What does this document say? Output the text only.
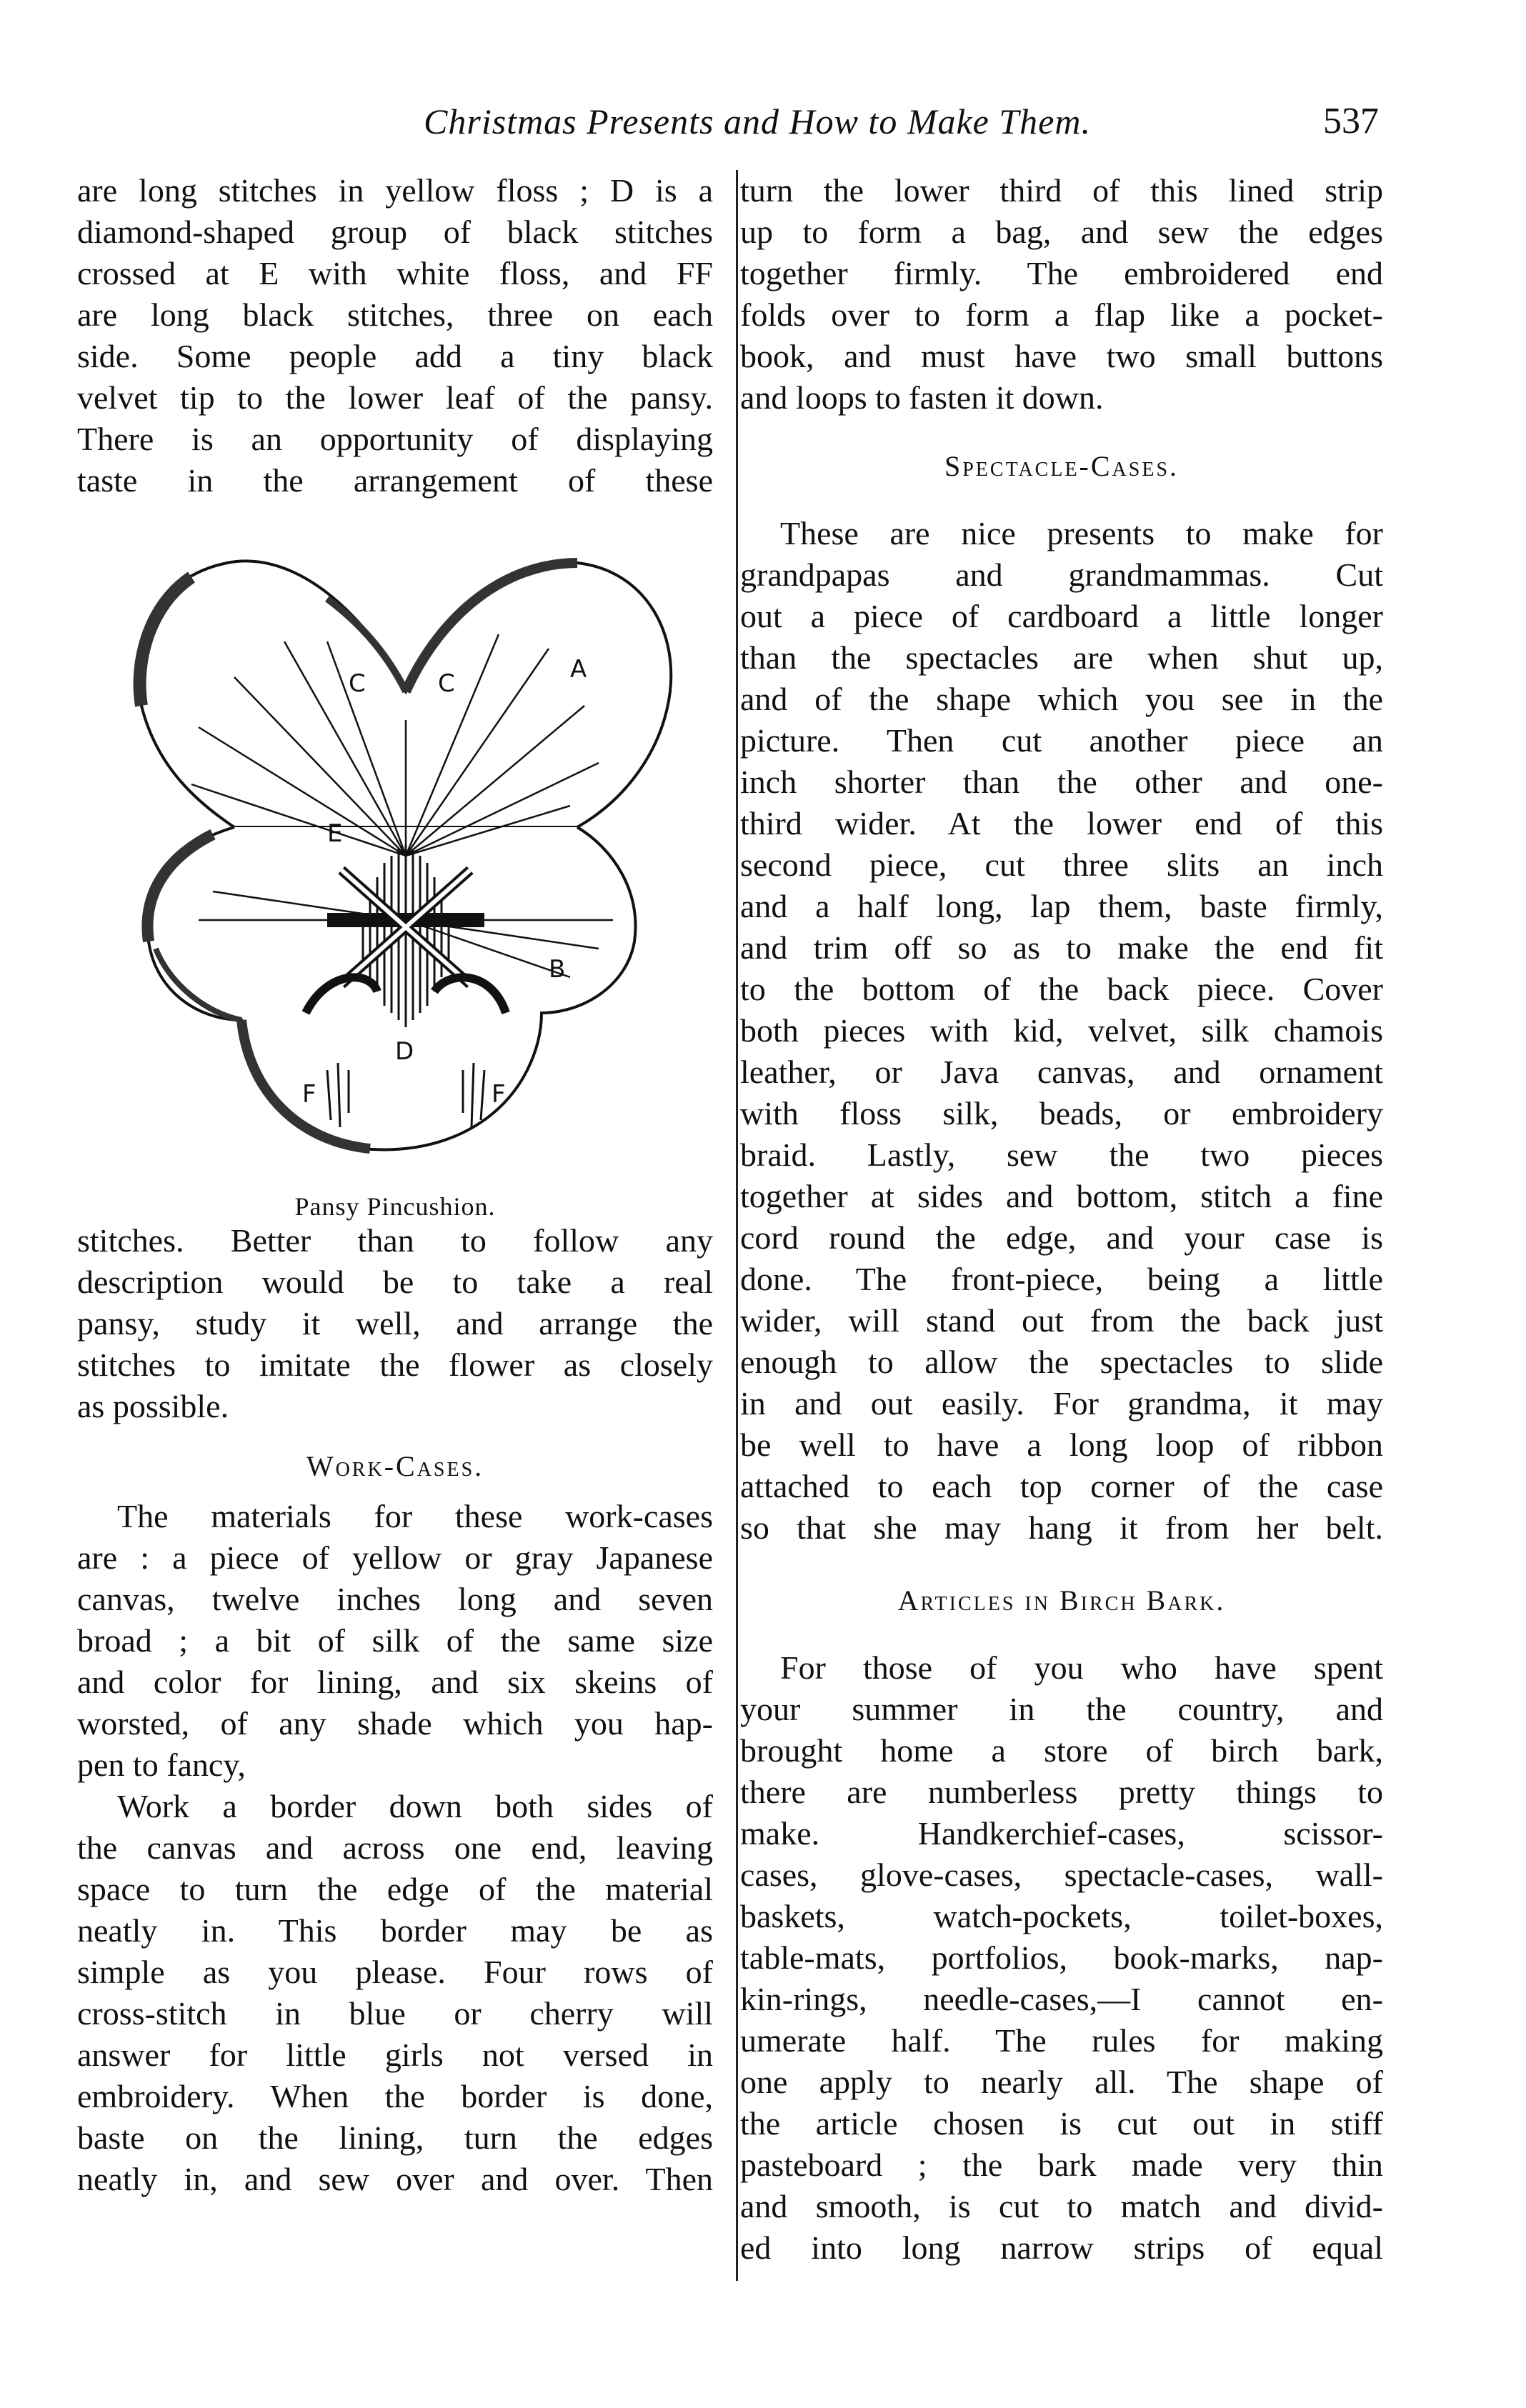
Christmas Presents and How to Make Them.	537
are long stitches in yellow floss ; D is a
diamond-shaped group of black stitches
crossed at E with white floss, and FF
are long black stitches, three on each
side. Some people add a tiny black
velvet tip to the lower leaf of the pansy.
There is an opportunity of displaying
taste in the arrangement of these
A
C	C
E
B
D
F	F
Pansy Pincushion.
stitches. Better than to follow any
description would be to take a real
pansy, study it well, and arrange the
stitches to imitate the flower as closely
as possible.
Work-Cases.
The materials for these work-cases
are : a piece of yellow or gray Japanese
canvas, twelve inches long and seven
broad ; a bit of silk of the same size
and color for lining, and six skeins of
worsted, of any shade which you hap-
pen to fancy,
Work a border down both sides of
the canvas and across one end, leaving
space to turn the edge of the material
neatly in. This border may be as
simple as you please. Four rows of
cross-stitch in blue or cherry will
answer for little girls not versed in
embroidery. When the border is done,
baste on the lining, turn the edges
neatly in, and sew over and over. Then
turn the lower third of this lined strip
up to form a bag, and sew the edges
together firmly. The embroidered end
folds over to form a flap like a pocket-
book, and must have two small buttons
and loops to fasten it down.
Spectacle-Cases.
These are nice presents to make for
grandpapas and grandmammas. Cut
out a piece of cardboard a little longer
than the spectacles are when shut up,
and of the shape which you see in the
picture. Then cut another piece an
inch shorter than the other and one-
third wider. At the lower end of this
second piece, cut three slits an inch
and a half long, lap them, baste firmly,
and trim off so as to make the end fit
to the bottom of the back piece. Cover
both pieces with kid, velvet, silk chamois
leather, or Java canvas, and ornament
with floss silk, beads, or embroidery
braid. Lastly, sew the two pieces
together at sides and bottom, stitch a fine
cord round the edge, and your case is
done. The front-piece, being a little
wider, will stand out from the back just
enough to allow the spectacles to slide
in and out easily. For grandma, it may
be well to have a long loop of ribbon
attached to each top corner of the case
so that she may hang it from her belt.
Articles in Birch Bark.
For those of you who have spent
your summer in the country, and
brought home a store of birch bark,
there are numberless pretty things to
make. Handkerchief-cases, scissor-
cases, glove-cases, spectacle-cases, wall-
baskets, watch-pockets, toilet-boxes,
table-mats, portfolios, book-marks, nap-
kin-rings, needle-cases,—I cannot en-
umerate half. The rules for making
one apply to nearly all. The shape of
the article chosen is cut out in stiff
pasteboard ; the bark made very thin
and smooth, is cut to match and divid-
ed into long narrow strips of equal
